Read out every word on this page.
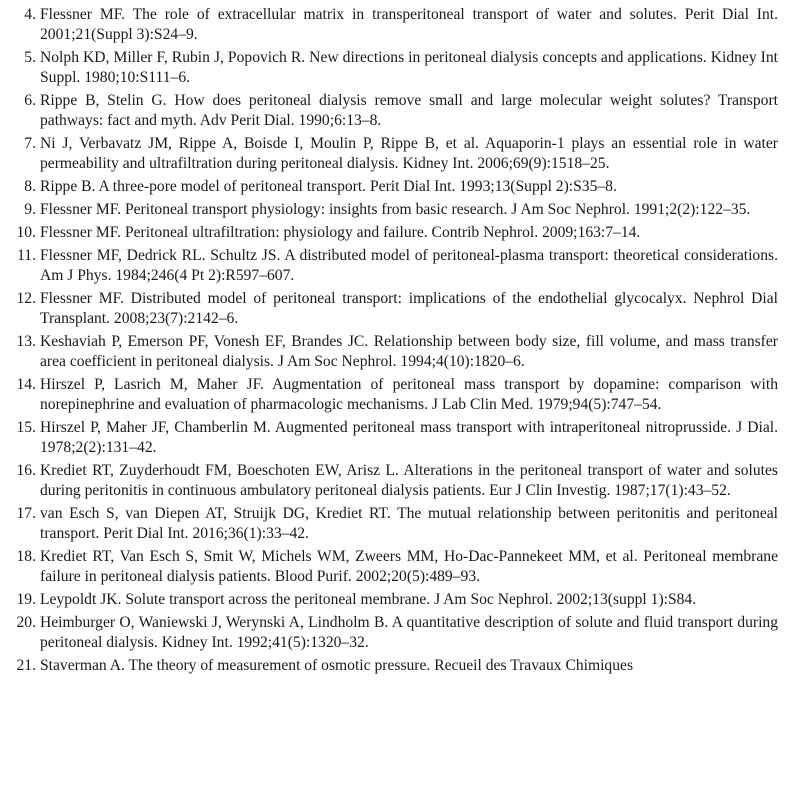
4. Flessner MF. The role of extracellular matrix in transperitoneal transport of water and solutes. Perit Dial Int. 2001;21(Suppl 3):S24–9.
5. Nolph KD, Miller F, Rubin J, Popovich R. New directions in peritoneal dialysis concepts and applications. Kidney Int Suppl. 1980;10:S111–6.
6. Rippe B, Stelin G. How does peritoneal dialysis remove small and large molecular weight solutes? Transport pathways: fact and myth. Adv Perit Dial. 1990;6:13–8.
7. Ni J, Verbavatz JM, Rippe A, Boisde I, Moulin P, Rippe B, et al. Aquaporin-1 plays an essential role in water permeability and ultrafiltration during peritoneal dialysis. Kidney Int. 2006;69(9):1518–25.
8. Rippe B. A three-pore model of peritoneal transport. Perit Dial Int. 1993;13(Suppl 2):S35–8.
9. Flessner MF. Peritoneal transport physiology: insights from basic research. J Am Soc Nephrol. 1991;2(2):122–35.
10. Flessner MF. Peritoneal ultrafiltration: physiology and failure. Contrib Nephrol. 2009;163:7–14.
11. Flessner MF, Dedrick RL. Schultz JS. A distributed model of peritoneal-plasma transport: theoretical considerations. Am J Phys. 1984;246(4 Pt 2):R597–607.
12. Flessner MF. Distributed model of peritoneal transport: implications of the endothelial glycocalyx. Nephrol Dial Transplant. 2008;23(7):2142–6.
13. Keshaviah P, Emerson PF, Vonesh EF, Brandes JC. Relationship between body size, fill volume, and mass transfer area coefficient in peritoneal dialysis. J Am Soc Nephrol. 1994;4(10):1820–6.
14. Hirszel P, Lasrich M, Maher JF. Augmentation of peritoneal mass transport by dopamine: comparison with norepinephrine and evaluation of pharmacologic mechanisms. J Lab Clin Med. 1979;94(5):747–54.
15. Hirszel P, Maher JF, Chamberlin M. Augmented peritoneal mass transport with intraperitoneal nitroprusside. J Dial. 1978;2(2):131–42.
16. Krediet RT, Zuyderhoudt FM, Boeschoten EW, Arisz L. Alterations in the peritoneal transport of water and solutes during peritonitis in continuous ambulatory peritoneal dialysis patients. Eur J Clin Investig. 1987;17(1):43–52.
17. van Esch S, van Diepen AT, Struijk DG, Krediet RT. The mutual relationship between peritonitis and peritoneal transport. Perit Dial Int. 2016;36(1):33–42.
18. Krediet RT, Van Esch S, Smit W, Michels WM, Zweers MM, Ho-Dac-Pannekeet MM, et al. Peritoneal membrane failure in peritoneal dialysis patients. Blood Purif. 2002;20(5):489–93.
19. Leypoldt JK. Solute transport across the peritoneal membrane. J Am Soc Nephrol. 2002;13(suppl 1):S84.
20. Heimburger O, Waniewski J, Werynski A, Lindholm B. A quantitative description of solute and fluid transport during peritoneal dialysis. Kidney Int. 1992;41(5):1320–32.
21. Staverman A. The theory of measurement of osmotic pressure. Recueil des Travaux Chimiques
